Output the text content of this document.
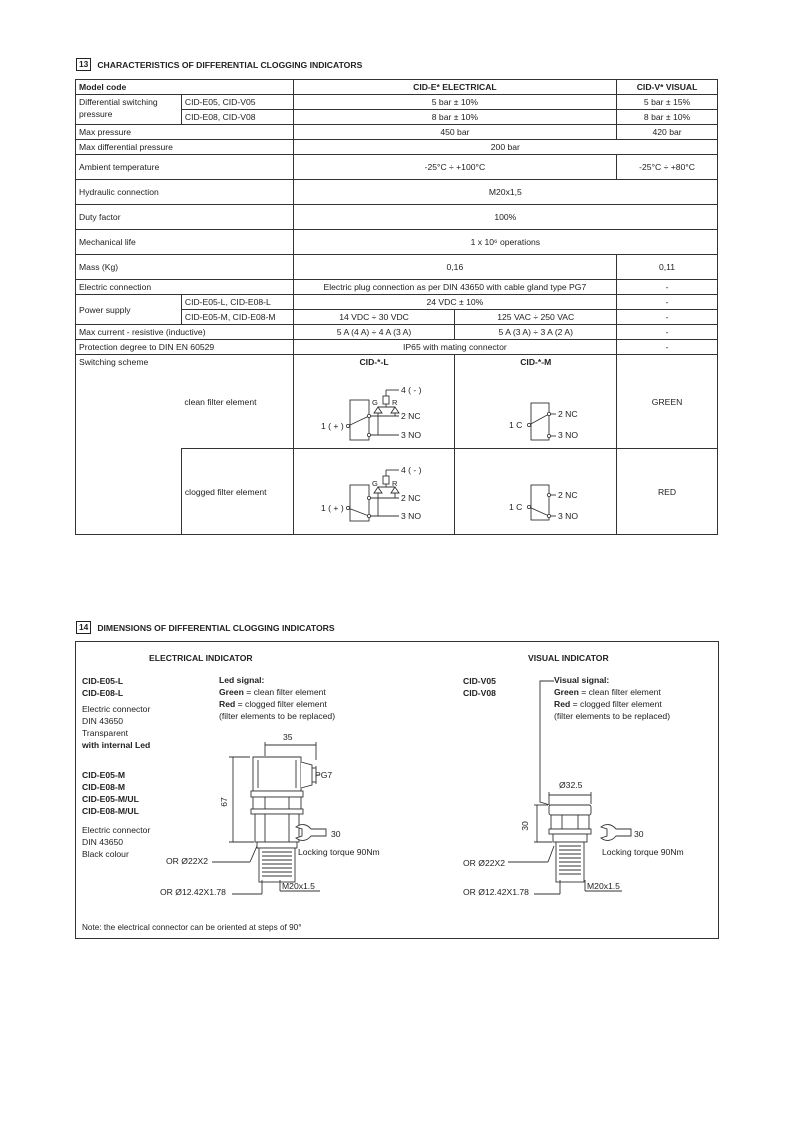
13	CHARACTERISTICS OF DIFFERENTIAL CLOGGING INDICATORS
Model code		CID-E* ELECTRICAL		CID-V* VISUAL
Differential switching pressure	CID-E05, CID-V05	5 bar ± 10%		5 bar ± 15%
	CID-E08, CID-V08	8 bar ± 10%		8 bar ± 10%
Max pressure		450 bar		420 bar
Max differential pressure		200 bar		
Ambient temperature		-25°C ÷ +100°C		-25°C ÷ +80°C
Hydraulic connection		M20x1,5		
Duty factor		100%		
Mechanical life		1 x 10⁶ operations		
Mass (Kg)		0,16		0,11
Electric connection		Electric plug connection as per DIN 43650 with cable gland type PG7		-
Power supply	CID-E05-L, CID-E08-L	24 VDC ± 10%		-
	CID-E05-M, CID-E08-M	14 VDC ÷ 30 VDC	125 VAC ÷ 250 VAC	-
Max current - resistive (inductive)		5 A (4 A) ÷ 4 A (3 A)	5 A (3 A) ÷ 3 A (2 A)	-
Protection degree to DIN EN 60529		IP65 with mating connector		-
Switching scheme	clean filter element	CID-*-L	CID-*-M	GREEN
	clogged filter element			RED
4 ( - )
G R
2 NC
3 NO
1 ( + )
4 ( - )
G R
2 NC
3 NO
1 ( + )
2 NC
3 NO
1 C
2 NC
3 NO
1 C
14	DIMENSIONS OF DIFFERENTIAL CLOGGING INDICATORS
ELECTRICAL INDICATOR	VISUAL INDICATOR
CID-E05-L
CID-E08-L
Electric connector
DIN 43650
Transparent
with internal Led
CID-E05-M
CID-E08-M
CID-E05-M/UL
CID-E08-M/UL
Electric connector
DIN 43650
Black colour
Led signal:
Green = clean filter element
Red = clogged filter element
(filter elements to be replaced)
CID-V05
CID-V08
Visual signal:
Green = clean filter element
Red = clogged filter element
(filter elements to be replaced)
35
PG7
67
30
Locking torque 90Nm
OR Ø22X2
OR Ø12.42X1.78
M20x1.5
Ø32.5
30
30
Locking torque 90Nm
OR Ø22X2
OR Ø12.42X1.78
M20x1.5
Note: the electrical connector can be oriented at steps of 90°
